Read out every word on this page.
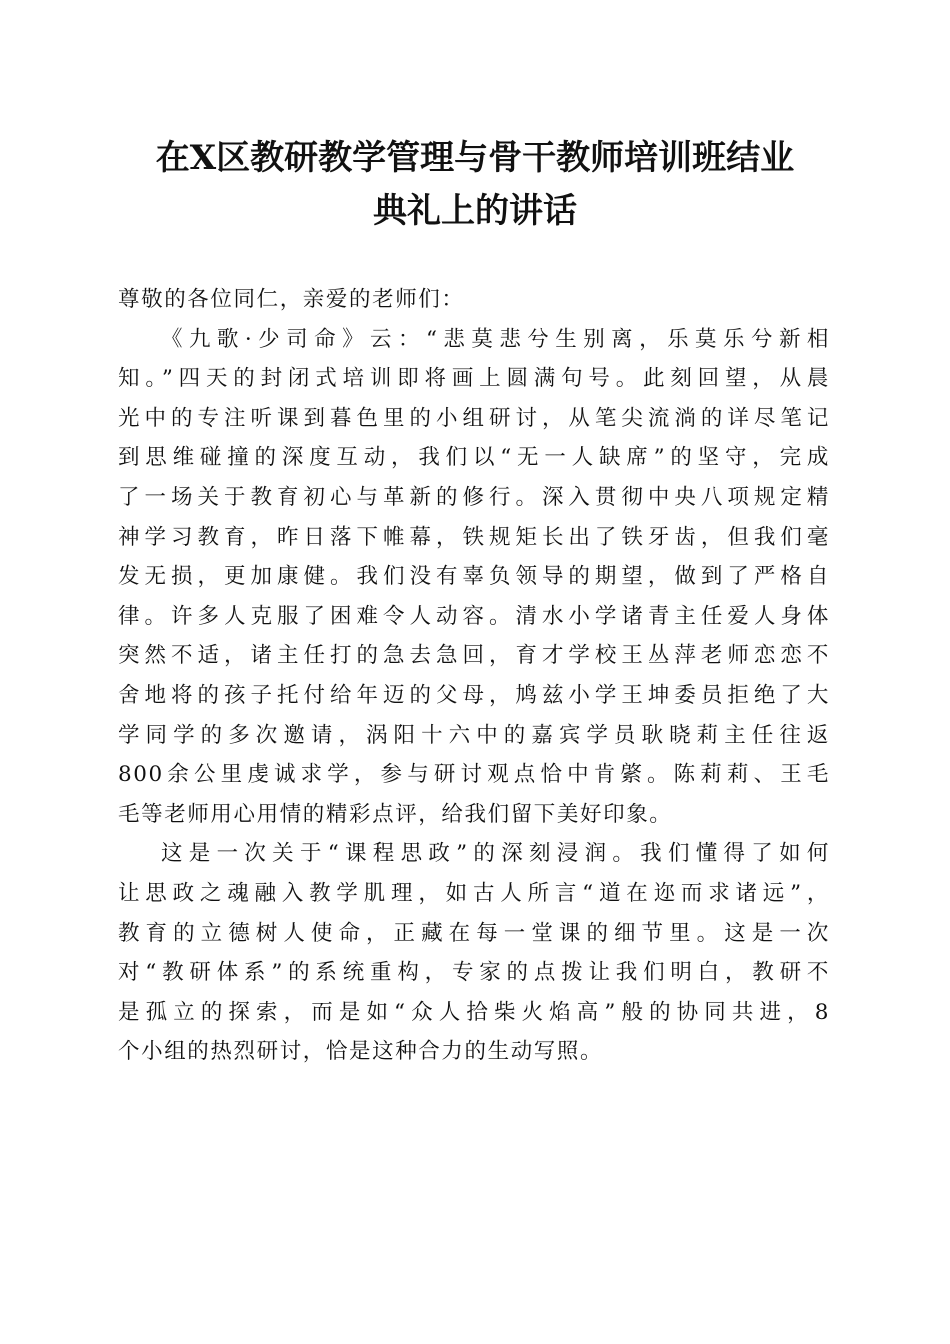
在X区教研教学管理与骨干教师培训班结业
典礼上的讲话

尊敬的各位同仁，亲爱的老师们：

《九歌·少司命》云：“悲莫悲兮生别离，乐莫乐兮新相
知。”四天的封闭式培训即将画上圆满句号。此刻回望，从晨
光中的专注听课到暮色里的小组研讨，从笔尖流淌的详尽笔记
到思维碰撞的深度互动，我们以“无一人缺席”的坚守，完成
了一场关于教育初心与革新的修行。深入贯彻中央八项规定精
神学习教育，昨日落下帷幕，铁规矩长出了铁牙齿，但我们毫
发无损，更加康健。我们没有辜负领导的期望，做到了严格自
律。许多人克服了困难令人动容。清水小学诸青主任爱人身体
突然不适，诸主任打的急去急回，育才学校王丛萍老师恋恋不
舍地将的孩子托付给年迈的父母，鸠兹小学王坤委员拒绝了大
学同学的多次邀请，涡阳十六中的嘉宾学员耿晓莉主任往返
800余公里虔诚求学，参与研讨观点恰中肯綮。陈莉莉、王毛
毛等老师用心用情的精彩点评，给我们留下美好印象。

这是一次关于“课程思政”的深刻浸润。我们懂得了如何
让思政之魂融入教学肌理，如古人所言“道在迩而求诸远”，
教育的立德树人使命，正藏在每一堂课的细节里。这是一次
对“教研体系”的系统重构，专家的点拨让我们明白，教研不
是孤立的探索，而是如“众人拾柴火焰高”般的协同共进，8
个小组的热烈研讨，恰是这种合力的生动写照。
